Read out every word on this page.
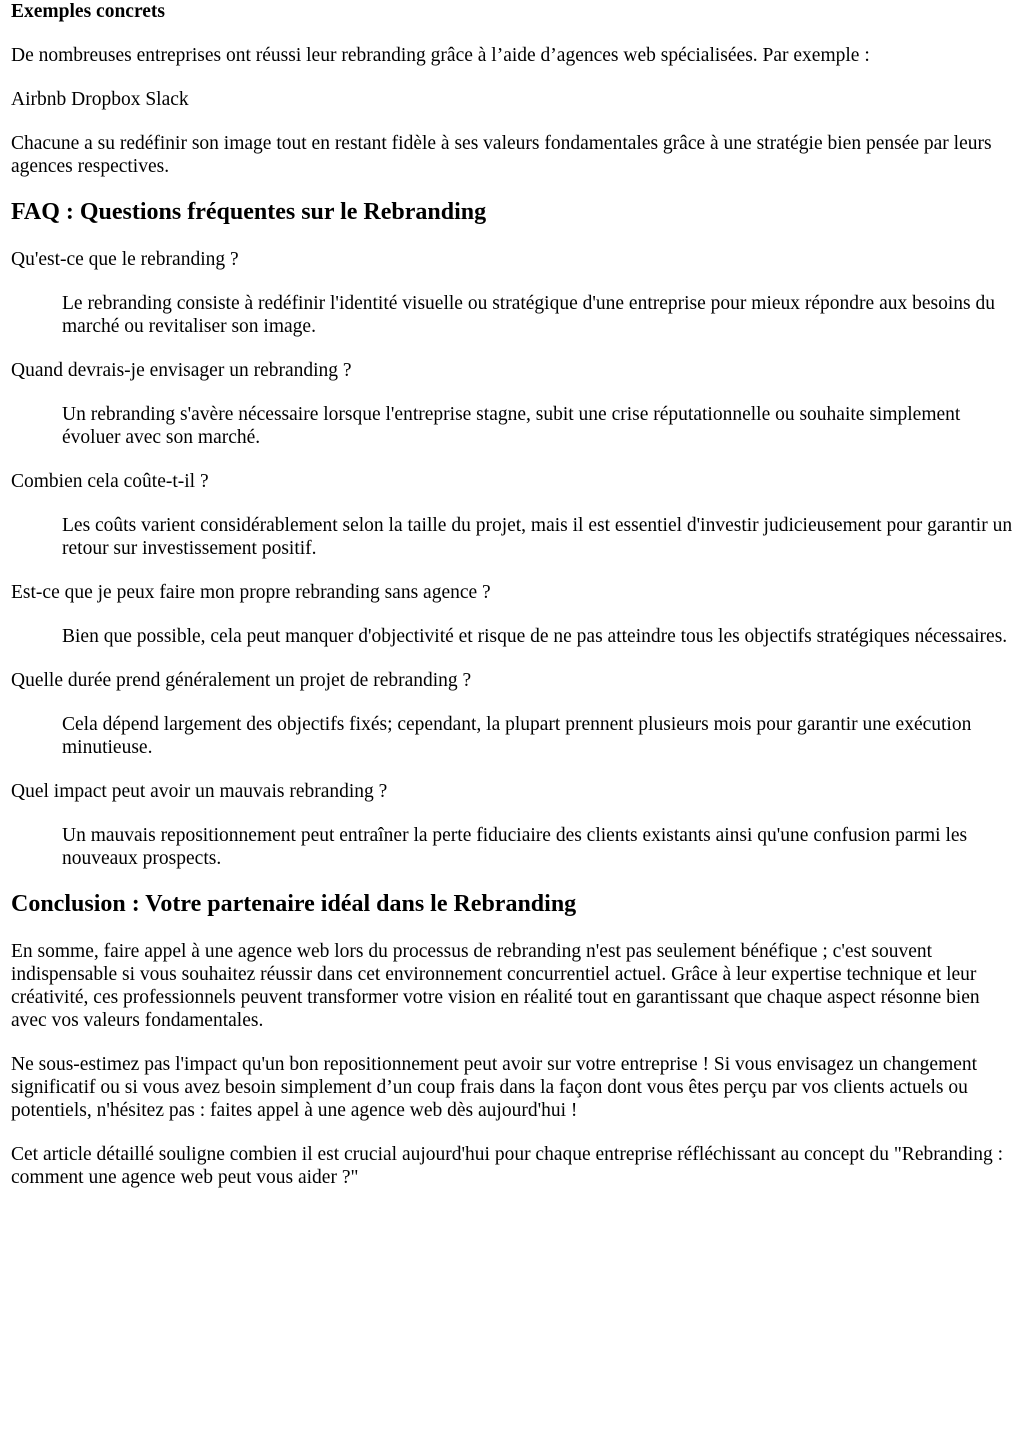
Exemples concrets

De nombreuses entreprises ont réussi leur rebranding grâce à l’aide d’agences web spécialisées. Par exemple :

Airbnb Dropbox Slack

Chacune a su redéfinir son image tout en restant fidèle à ses valeurs fondamentales grâce à une stratégie bien pensée par leurs agences respectives.

FAQ : Questions fréquentes sur le Rebranding
Qu'est-ce que le rebranding ?
Le rebranding consiste à redéfinir l'identité visuelle ou stratégique d'une entreprise pour mieux répondre aux besoins du marché ou revitaliser son image.
Quand devrais-je envisager un rebranding ?
Un rebranding s'avère nécessaire lorsque l'entreprise stagne, subit une crise réputationnelle ou souhaite simplement évoluer avec son marché.
Combien cela coûte-t-il ?
Les coûts varient considérablement selon la taille du projet, mais il est essentiel d'investir judicieusement pour garantir un retour sur investissement positif.
Est-ce que je peux faire mon propre rebranding sans agence ?
Bien que possible, cela peut manquer d'objectivité et risque de ne pas atteindre tous les objectifs stratégiques nécessaires.
Quelle durée prend généralement un projet de rebranding ?
Cela dépend largement des objectifs fixés; cependant, la plupart prennent plusieurs mois pour garantir une exécution minutieuse.
Quel impact peut avoir un mauvais rebranding ?
Un mauvais repositionnement peut entraîner la perte fiduciaire des clients existants ainsi qu'une confusion parmi les nouveaux prospects.
Conclusion : Votre partenaire idéal dans le Rebranding

En somme, faire appel à une agence web lors du processus de rebranding n'est pas seulement bénéfique ; c'est souvent indispensable si vous souhaitez réussir dans cet environnement concurrentiel actuel. Grâce à leur expertise technique et leur créativité, ces professionnels peuvent transformer votre vision en réalité tout en garantissant que chaque aspect résonne bien avec vos valeurs fondamentales.

Ne sous-estimez pas l'impact qu'un bon repositionnement peut avoir sur votre entreprise ! Si vous envisagez un changement significatif ou si vous avez besoin simplement d’un coup frais dans la façon dont vous êtes perçu par vos clients actuels ou potentiels, n'hésitez pas : faites appel à une agence web dès aujourd'hui !

Cet article détaillé souligne combien il est crucial aujourd'hui pour chaque entreprise réfléchissant au concept du "Rebranding : comment une agence web peut vous aider ?"
